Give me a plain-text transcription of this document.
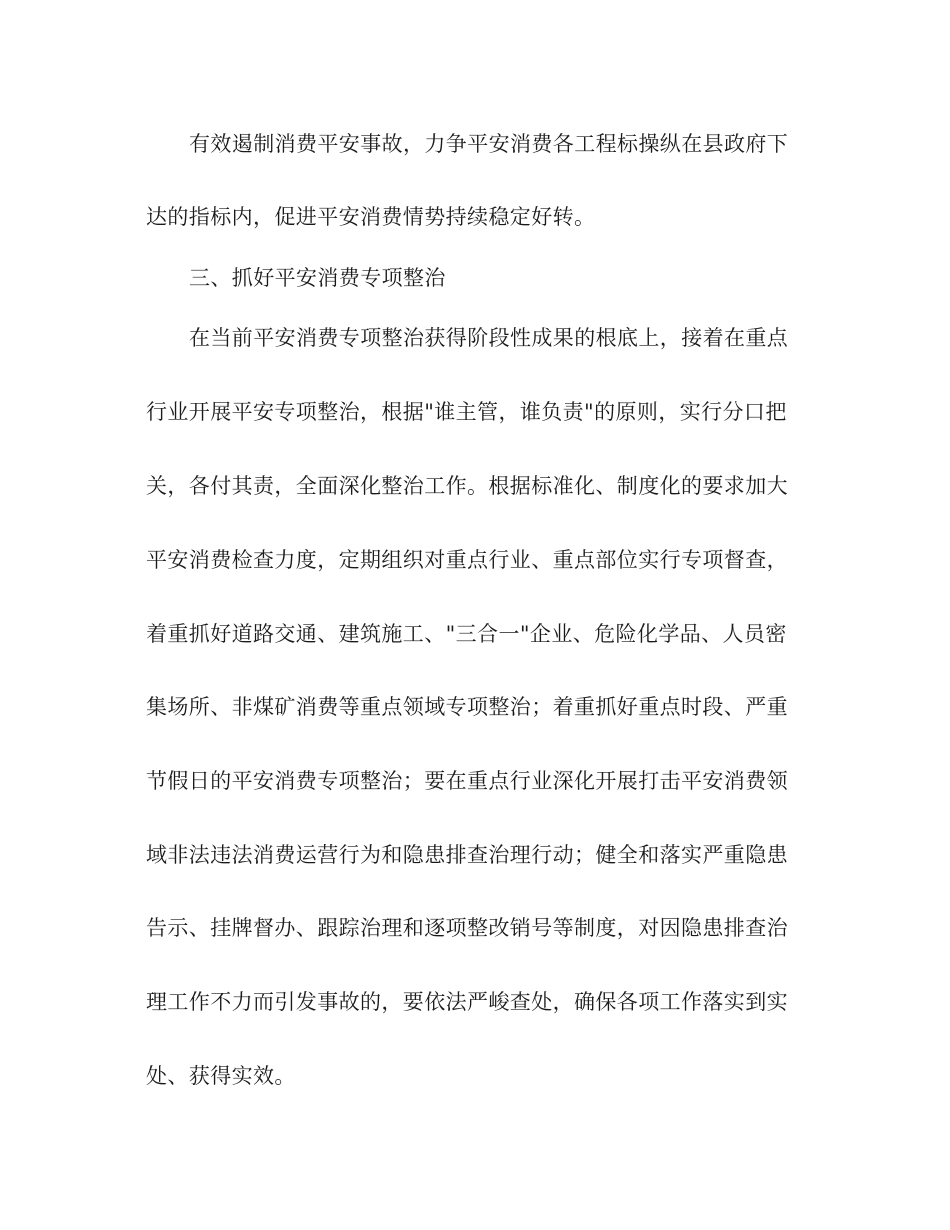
有效遏制消费平安事故，力争平安消费各工程标操纵在县政府下
达的指标内，促进平安消费情势持续稳定好转。
三、抓好平安消费专项整治
在当前平安消费专项整治获得阶段性成果的根底上，接着在重点
行业开展平安专项整治，根据"谁主管，谁负责"的原则，实行分口把
关，各付其责，全面深化整治工作。根据标准化、制度化的要求加大
平安消费检查力度，定期组织对重点行业、重点部位实行专项督查，
着重抓好道路交通、建筑施工、"三合一"企业、危险化学品、人员密
集场所、非煤矿消费等重点领域专项整治；着重抓好重点时段、严重
节假日的平安消费专项整治；要在重点行业深化开展打击平安消费领
域非法违法消费运营行为和隐患排查治理行动；健全和落实严重隐患
告示、挂牌督办、跟踪治理和逐项整改销号等制度，对因隐患排查治
理工作不力而引发事故的，要依法严峻查处，确保各项工作落实到实
处、获得实效。
